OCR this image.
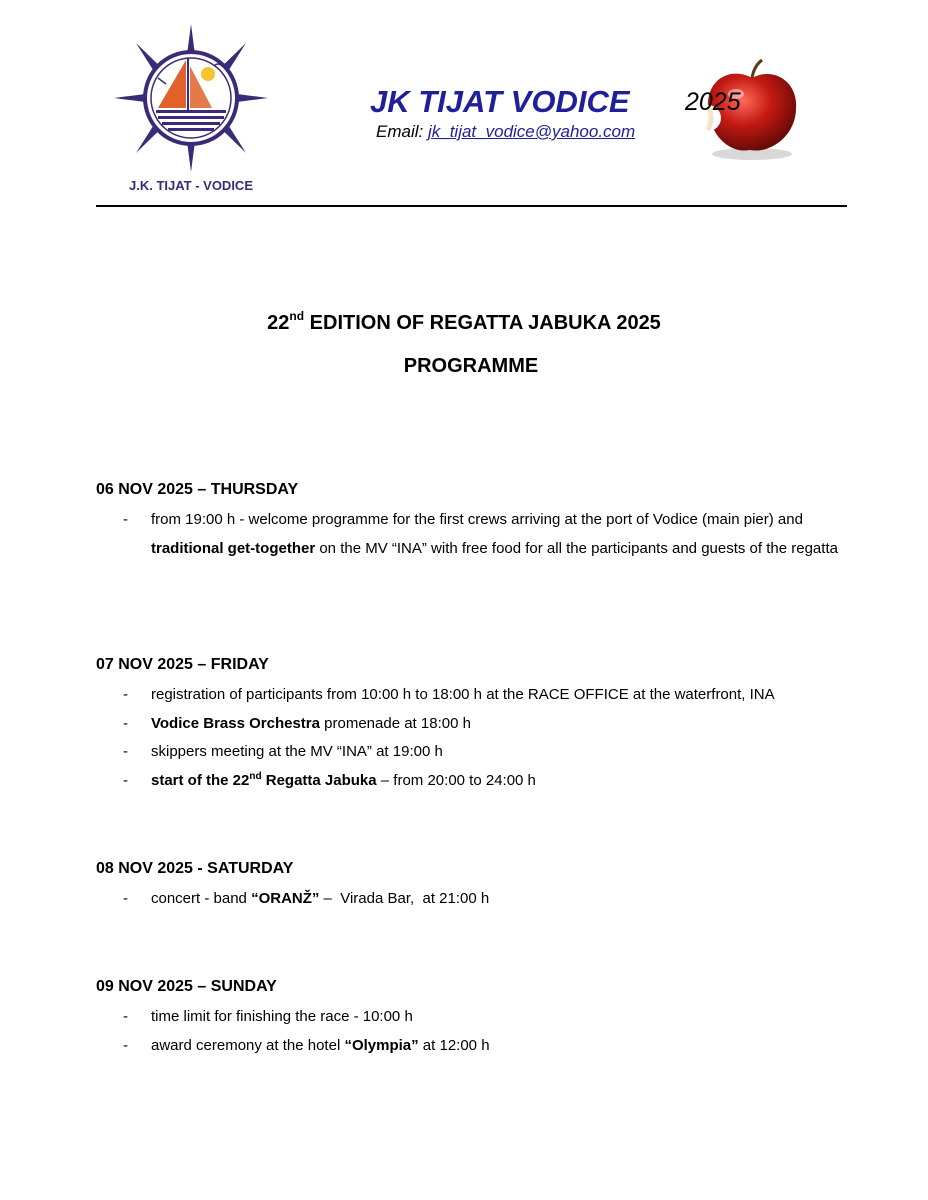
J.K. TIJAT - VODICE
JK TIJAT VODICE 2025
Email: jk_tijat_vodice@yahoo.com
22nd EDITION OF REGATTA JABUKA 2025
PROGRAMME
06 NOV 2025 – THURSDAY
- from 19:00 h - welcome programme for the first crews arriving at the port of Vodice (main pier) and traditional get-together on the MV “INA” with free food for all the participants and guests of the regatta
07 NOV 2025 – FRIDAY
- registration of participants from 10:00 h to 18:00 h at the RACE OFFICE at the waterfront, INA
- Vodice Brass Orchestra promenade at 18:00 h
- skippers meeting at the MV “INA” at 19:00 h
- start of the 22nd Regatta Jabuka – from 20:00 to 24:00 h
08 NOV 2025 - SATURDAY
- concert - band “ORANŽ” –  Virada Bar,  at 21:00 h
09 NOV 2025 – SUNDAY
- time limit for finishing the race - 10:00 h
- award ceremony at the hotel “Olympia” at 12:00 h
